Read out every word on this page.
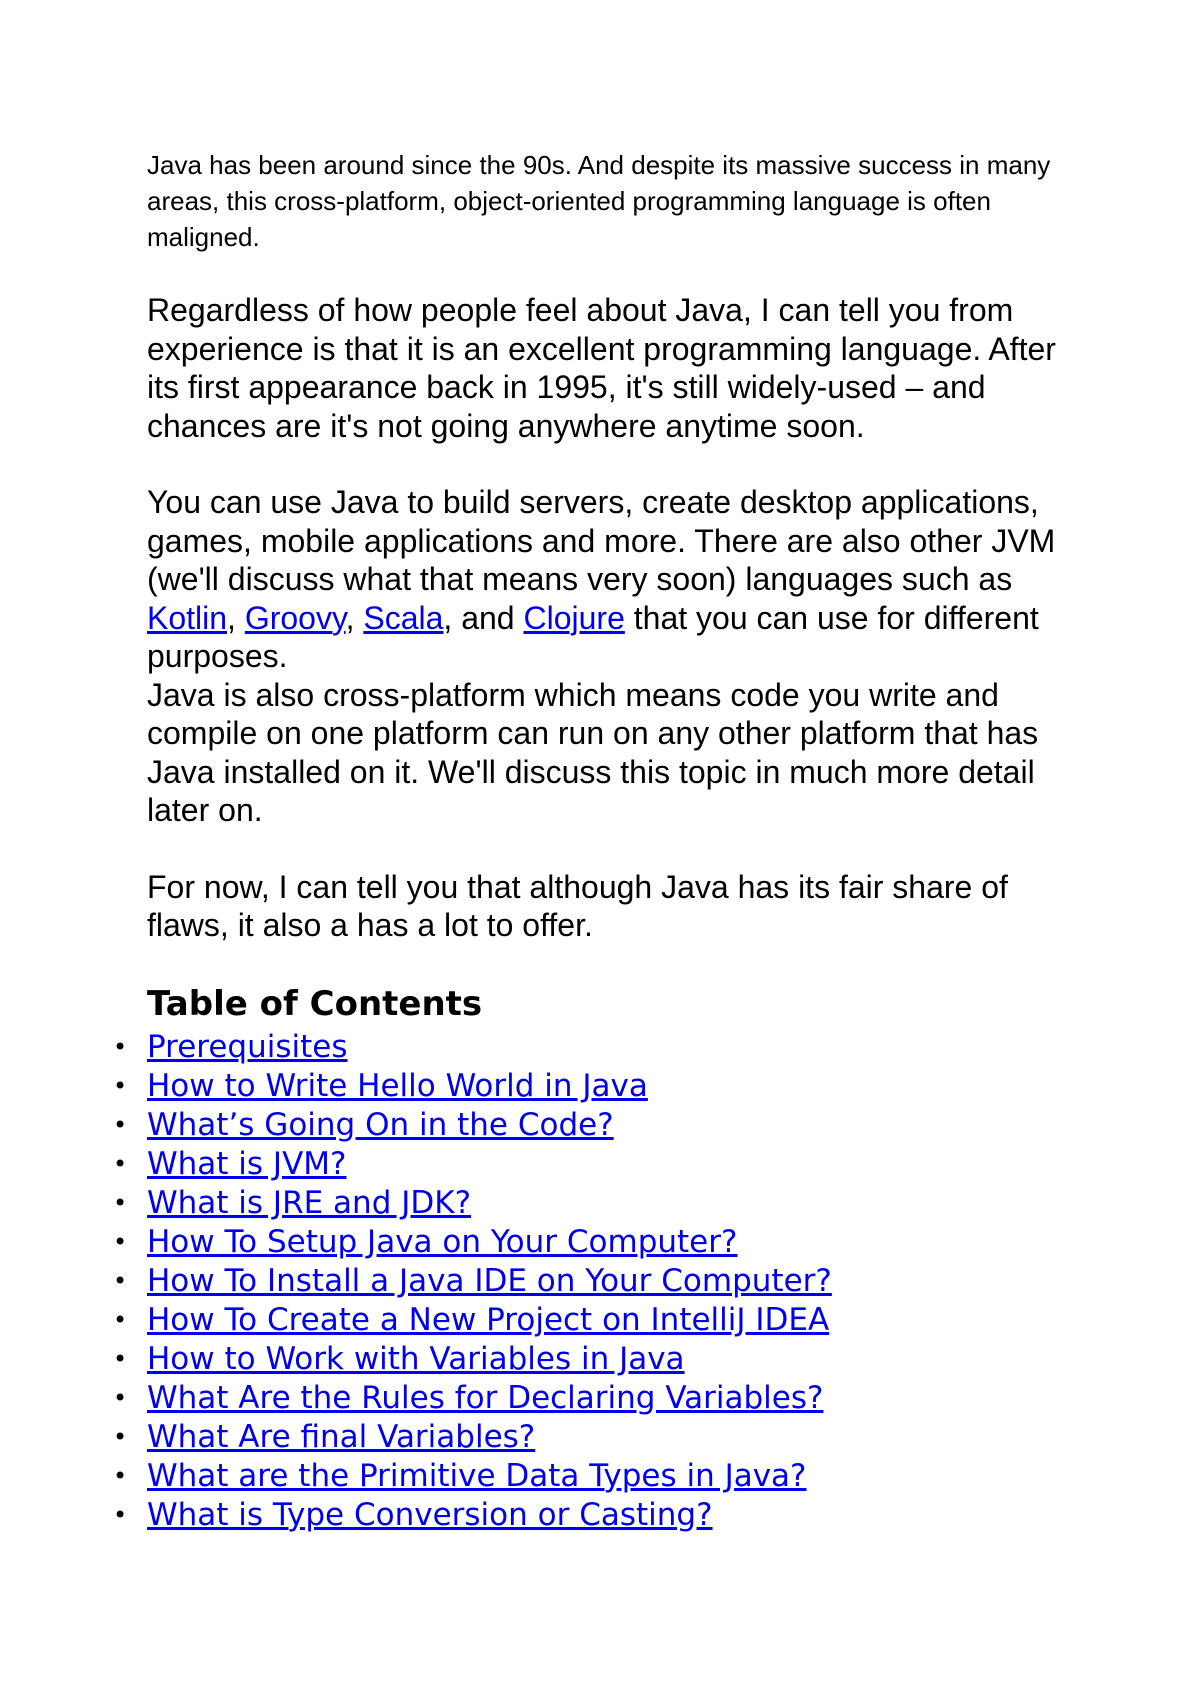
Java has been around since the 90s. And despite its massive success in many areas, this cross-platform, object-oriented programming language is often maligned.

Regardless of how people feel about Java, I can tell you from experience is that it is an excellent programming language. After its first appearance back in 1995, it's still widely-used – and chances are it's not going anywhere anytime soon.

You can use Java to build servers, create desktop applications, games, mobile applications and more. There are also other JVM (we'll discuss what that means very soon) languages such as Kotlin, Groovy, Scala, and Clojure that you can use for different purposes.

Java is also cross-platform which means code you write and compile on one platform can run on any other platform that has Java installed on it. We'll discuss this topic in much more detail later on.

For now, I can tell you that although Java has its fair share of flaws, it also a has a lot to offer.

Table of Contents
• Prerequisites
• How to Write Hello World in Java
• What’s Going On in the Code?
• What is JVM?
• What is JRE and JDK?
• How To Setup Java on Your Computer?
• How To Install a Java IDE on Your Computer?
• How To Create a New Project on IntelliJ IDEA
• How to Work with Variables in Java
• What Are the Rules for Declaring Variables?
• What Are final Variables?
• What are the Primitive Data Types in Java?
• What is Type Conversion or Casting?
